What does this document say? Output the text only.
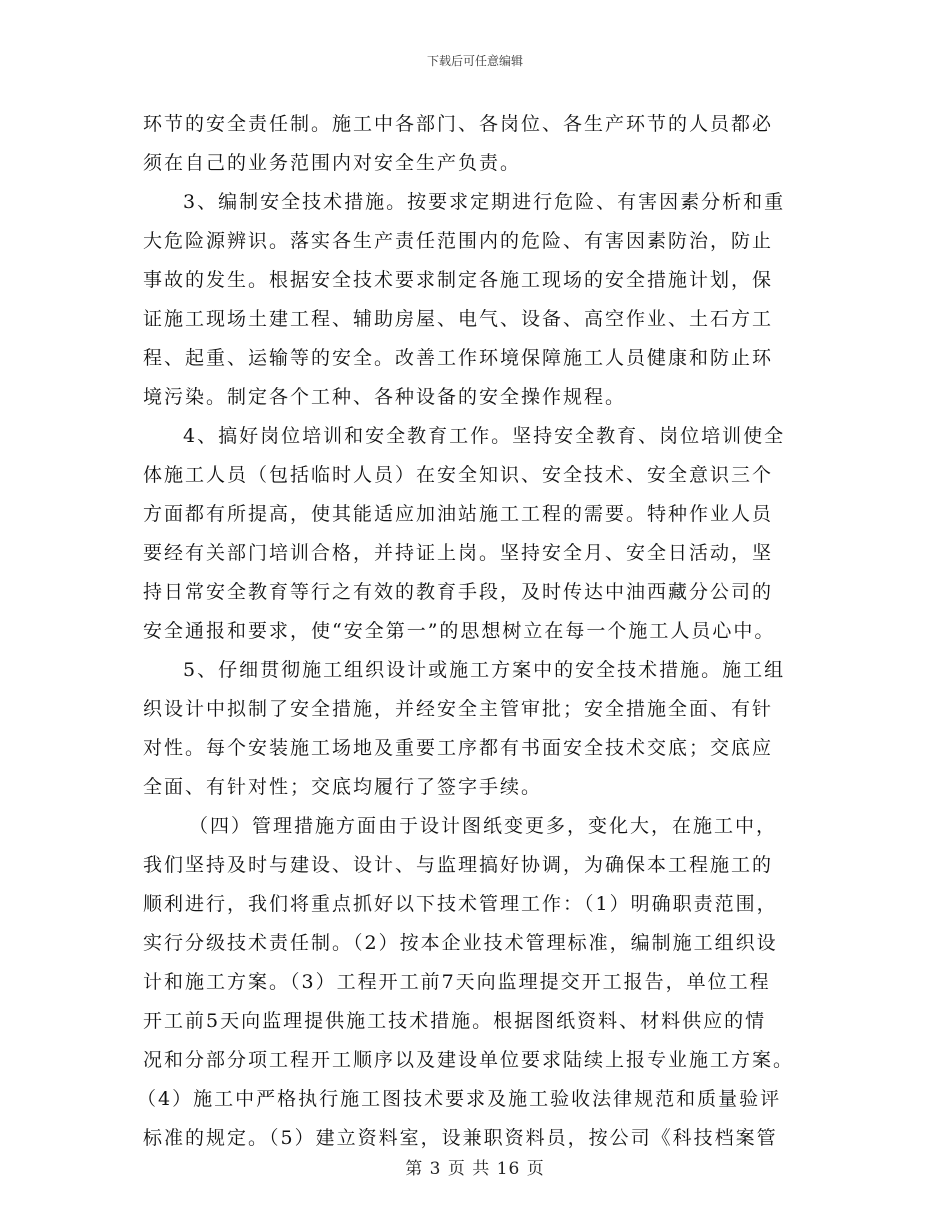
下载后可任意编辑
环节的安全责任制。施工中各部门、各岗位、各生产环节的人员都必
须在自己的业务范围内对安全生产负责。
3、编制安全技术措施。按要求定期进行危险、有害因素分析和重
大危险源辨识。落实各生产责任范围内的危险、有害因素防治，防止
事故的发生。根据安全技术要求制定各施工现场的安全措施计划，保
证施工现场土建工程、辅助房屋、电气、设备、高空作业、土石方工
程、起重、运输等的安全。改善工作环境保障施工人员健康和防止环
境污染。制定各个工种、各种设备的安全操作规程。
4、搞好岗位培训和安全教育工作。坚持安全教育、岗位培训使全
体施工人员（包括临时人员）在安全知识、安全技术、安全意识三个
方面都有所提高，使其能适应加油站施工工程的需要。特种作业人员
要经有关部门培训合格，并持证上岗。坚持安全月、安全日活动，坚
持日常安全教育等行之有效的教育手段，及时传达中油西藏分公司的
安全通报和要求，使“安全第一”的思想树立在每一个施工人员心中。
5、仔细贯彻施工组织设计或施工方案中的安全技术措施。施工组
织设计中拟制了安全措施，并经安全主管审批；安全措施全面、有针
对性。每个安装施工场地及重要工序都有书面安全技术交底；交底应
全面、有针对性；交底均履行了签字手续。
（四）管理措施方面由于设计图纸变更多，变化大，在施工中，
我们坚持及时与建设、设计、与监理搞好协调，为确保本工程施工的
顺利进行，我们将重点抓好以下技术管理工作：（1）明确职责范围，
实行分级技术责任制。（2）按本企业技术管理标准，编制施工组织设
计和施工方案。（3）工程开工前7天向监理提交开工报告，单位工程
开工前5天向监理提供施工技术措施。根据图纸资料、材料供应的情
况和分部分项工程开工顺序以及建设单位要求陆续上报专业施工方案。
（4）施工中严格执行施工图技术要求及施工验收法律规范和质量验评
标准的规定。（5）建立资料室，设兼职资料员，按公司《科技档案管
第 3 页 共 16 页
